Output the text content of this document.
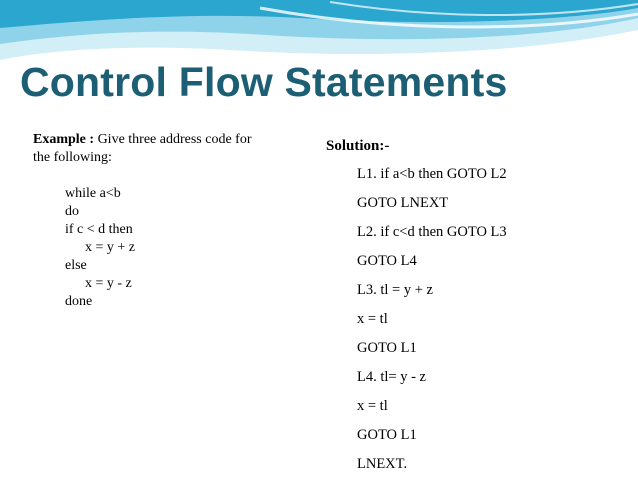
Control Flow Statements
Example : Give three address code for
the following:
while a<b
do
if c < d then
x = y + z
else
x = y - z
done
Solution:-
L1. if a<b then GOTO L2
GOTO LNEXT
L2. if c<d then GOTO L3
GOTO L4
L3. tl = y + z
x = tl
GOTO L1
L4. tl= y - z
x = tl
GOTO L1
LNEXT.
